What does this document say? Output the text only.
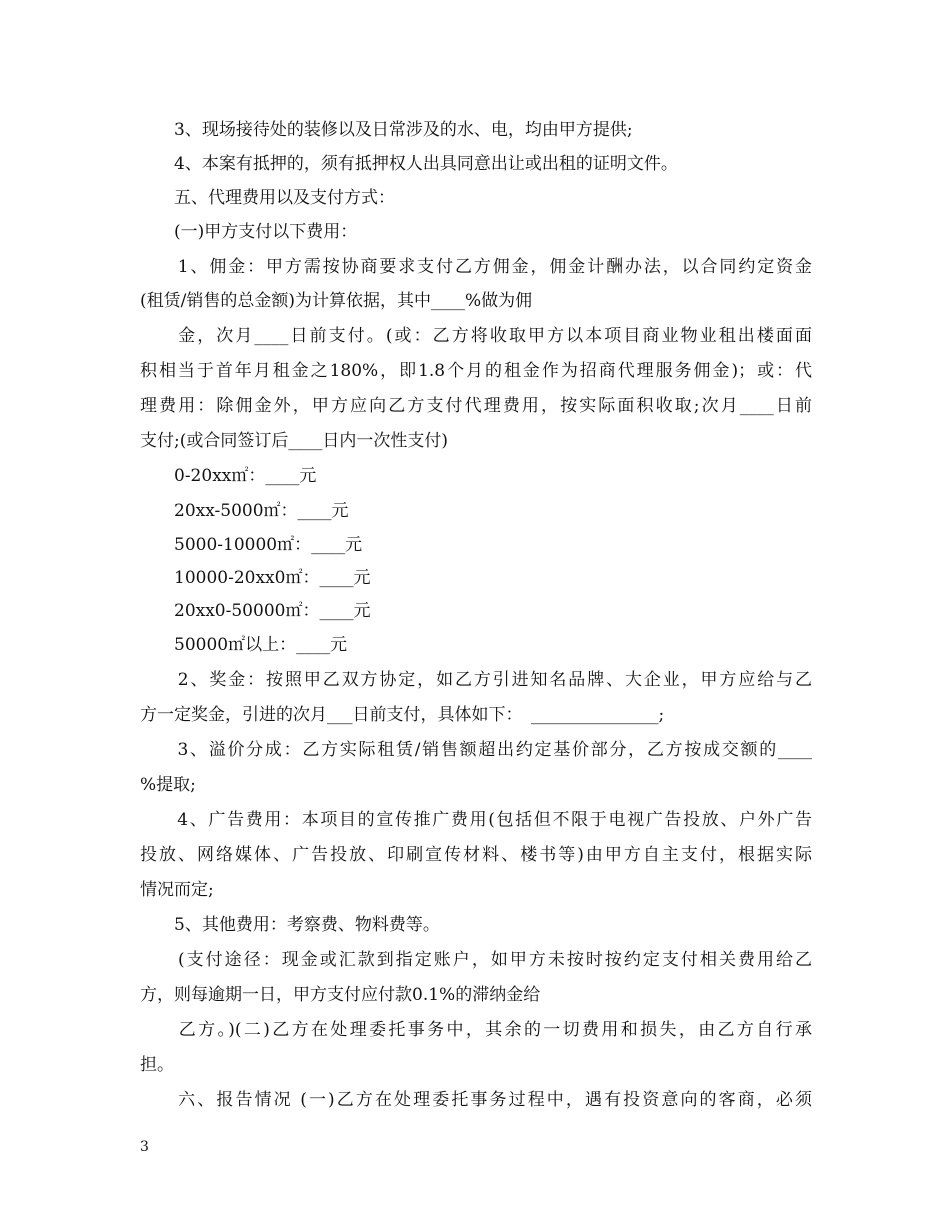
　　3、现场接待处的装修以及日常涉及的水、电，均由甲方提供;
　　4、本案有抵押的，须有抵押权人出具同意出让或出租的证明文件。
　　五、代理费用以及支付方式：
　　(一)甲方支付以下费用：
　　1、佣金：甲方需按协商要求支付乙方佣金，佣金计酬办法，以合同约定资金
(租赁/销售的总金额)为计算依据，其中____%做为佣
　　金，次月____日前支付。(或：乙方将收取甲方以本项目商业物业租出楼面面
积相当于首年月租金之180%，即1.8个月的租金作为招商代理服务佣金)；或：代
理费用：除佣金外，甲方应向乙方支付代理费用，按实际面积收取;次月____日前
支付;(或合同签订后____日内一次性支付)
　　0-20xx㎡：____元
　　20xx-5000㎡：____元
　　5000-10000㎡：____元
　　10000-20xx0㎡：____元
　　20xx0-50000㎡：____元
　　50000㎡以上：____元
　　2、奖金：按照甲乙双方协定，如乙方引进知名品牌、大企业，甲方应给与乙
方一定奖金，引进的次月___日前支付，具体如下：　_______________;
　　3、溢价分成：乙方实际租赁/销售额超出约定基价部分，乙方按成交额的____
%提取;
　　4、广告费用：本项目的宣传推广费用(包括但不限于电视广告投放、户外广告
投放、网络媒体、广告投放、印刷宣传材料、楼书等)由甲方自主支付，根据实际
情况而定;
　　5、其他费用：考察费、物料费等。
　　(支付途径：现金或汇款到指定账户，如甲方未按时按约定支付相关费用给乙
方，则每逾期一日，甲方支付应付款0.1%的滞纳金给
　　乙方。)(二)乙方在处理委托事务中，其余的一切费用和损失，由乙方自行承
担。
　　六、报告情况 (一)乙方在处理委托事务过程中，遇有投资意向的客商，必须
3
